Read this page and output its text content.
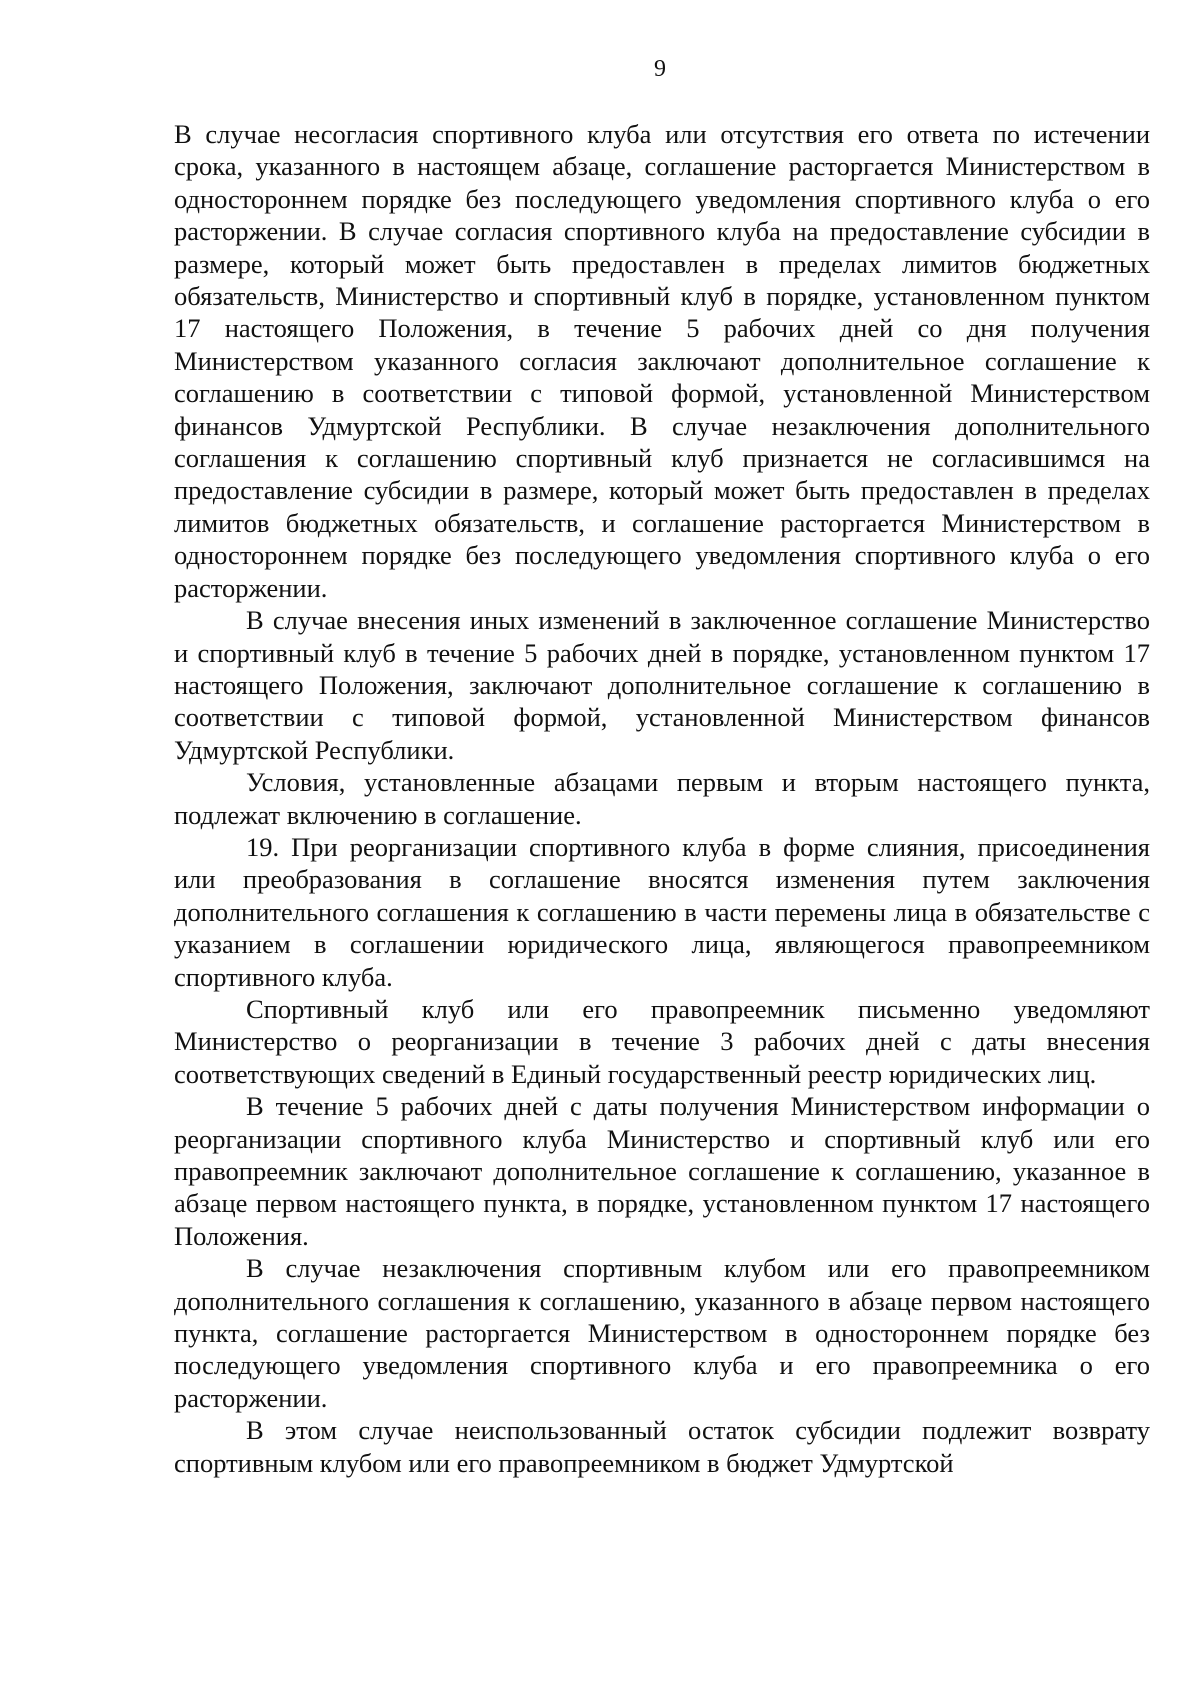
9

В случае несогласия спортивного клуба или отсутствия его ответа по истечении срока, указанного в настоящем абзаце, соглашение расторгается Министерством в одностороннем порядке без последующего уведомления спортивного клуба о его расторжении. В случае согласия спортивного клуба на предоставление субсидии в размере, который может быть предоставлен в пределах лимитов бюджетных обязательств, Министерство и спортивный клуб в порядке, установленном пунктом 17 настоящего Положения, в течение 5 рабочих дней со дня получения Министерством указанного согласия заключают дополнительное соглашение к соглашению в соответствии с типовой формой, установленной Министерством финансов Удмуртской Республики. В случае незаключения дополнительного соглашения к соглашению спортивный клуб признается не согласившимся на предоставление субсидии в размере, который может быть предоставлен в пределах лимитов бюджетных обязательств, и соглашение расторгается Министерством в одностороннем порядке без последующего уведомления спортивного клуба о его расторжении.

В случае внесения иных изменений в заключенное соглашение Министерство и спортивный клуб в течение 5 рабочих дней в порядке, установленном пунктом 17 настоящего Положения, заключают дополнительное соглашение к соглашению в соответствии с типовой формой, установленной Министерством финансов Удмуртской Республики.

Условия, установленные абзацами первым и вторым настоящего пункта, подлежат включению в соглашение.

19. При реорганизации спортивного клуба в форме слияния, присоединения или преобразования в соглашение вносятся изменения путем заключения дополнительного соглашения к соглашению в части перемены лица в обязательстве с указанием в соглашении юридического лица, являющегося правопреемником спортивного клуба.

Спортивный клуб или его правопреемник письменно уведомляют Министерство о реорганизации в течение 3 рабочих дней с даты внесения соответствующих сведений в Единый государственный реестр юридических лиц.

В течение 5 рабочих дней с даты получения Министерством информации о реорганизации спортивного клуба Министерство и спортивный клуб или его правопреемник заключают дополнительное соглашение к соглашению, указанное в абзаце первом настоящего пункта, в порядке, установленном пунктом 17 настоящего Положения.

В случае незаключения спортивным клубом или его правопреемником дополнительного соглашения к соглашению, указанного в абзаце первом настоящего пункта, соглашение расторгается Министерством в одностороннем порядке без последующего уведомления спортивного клуба и его правопреемника о его расторжении.

В этом случае неиспользованный остаток субсидии подлежит возврату спортивным клубом или его правопреемником в бюджет Удмуртской
